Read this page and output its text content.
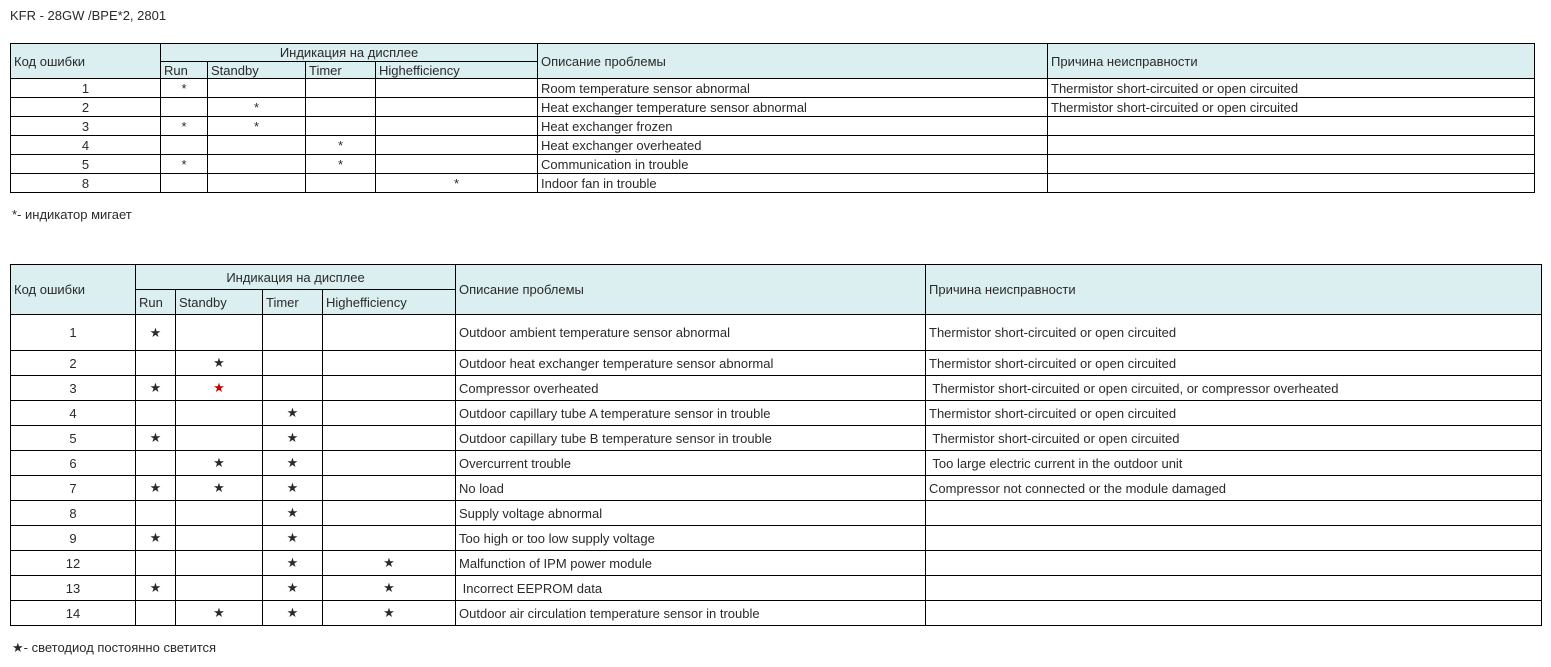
KFR - 28GW /BPE*2, 2801
Код ошибки	Индикация на дисплее				Описание проблемы	Причина неисправности
	Run	Standby	Timer	Highefficiency		
1	*				Room temperature sensor abnormal	Thermistor short-circuited or open circuited
2		*			Heat exchanger temperature sensor abnormal	Thermistor short-circuited or open circuited
3	*	*			Heat exchanger frozen	
4			*		Heat exchanger overheated	
5	*		*		Communication in trouble	
8				*	Indoor fan in trouble	
*- индикатор мигает
Код ошибки	Индикация на дисплее				Описание проблемы	Причина неисправности
	Run	Standby	Timer	Highefficiency		
1	★				Outdoor ambient temperature sensor abnormal	Thermistor short-circuited or open circuited
2		★			Outdoor heat exchanger temperature sensor abnormal	Thermistor short-circuited or open circuited
3	★	★			Compressor overheated	Thermistor short-circuited or open circuited, or compressor overheated
4			★		Outdoor capillary tube A temperature sensor in trouble	Thermistor short-circuited or open circuited
5	★		★		Outdoor capillary tube B temperature sensor in trouble	Thermistor short-circuited or open circuited
6		★	★		Overcurrent trouble	Too large electric current in the outdoor unit
7	★	★	★		No load	Compressor not connected or the module damaged
8			★		Supply voltage abnormal	
9	★		★		Too high or too low supply voltage	
12			★	★	Malfunction of IPM power module	
13	★		★	★	Incorrect EEPROM data	
14		★	★	★	Outdoor air circulation temperature sensor in trouble	
★- светодиод постоянно светится
